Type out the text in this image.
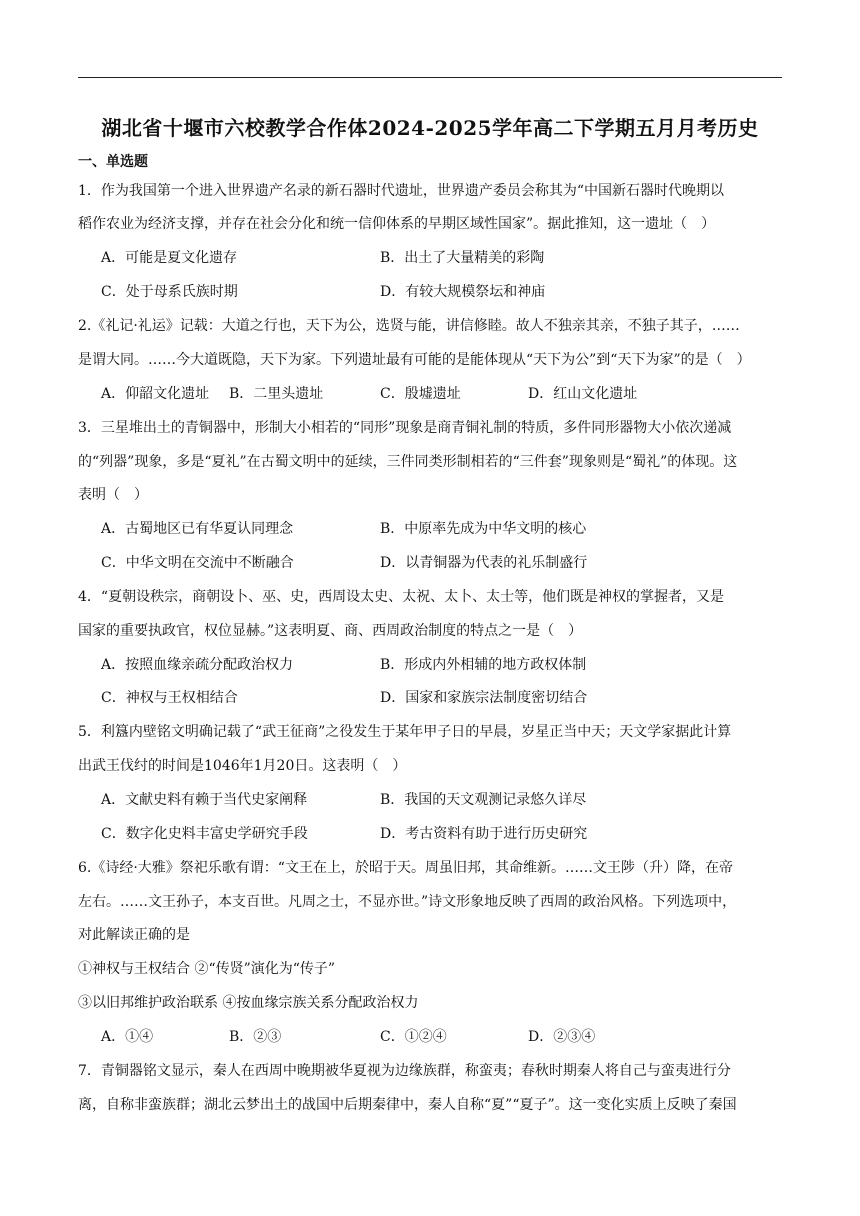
湖北省十堰市六校教学合作体2024-2025学年高二下学期五月月考历史
一、单选题
1．作为我国第一个进入世界遗产名录的新石器时代遗址，世界遗产委员会称其为“中国新石器时代晚期以
稻作农业为经济支撑，并存在社会分化和统一信仰体系的早期区域性国家”。据此推知，这一遗址（　）
A．可能是夏文化遗存	B．出土了大量精美的彩陶
C．处于母系氏族时期	D．有较大规模祭坛和神庙
2.《礼记·礼运》记载：大道之行也，天下为公，选贤与能，讲信修睦。故人不独亲其亲，不独子其子，……
是谓大同。……今大道既隐，天下为家。下列遗址最有可能的是能体现从“天下为公”到“天下为家”的是（　）
A．仰韶文化遗址 B．二里头遗址	C．殷墟遗址	D．红山文化遗址
3．三星堆出土的青铜器中，形制大小相若的“同形”现象是商青铜礼制的特质，多件同形器物大小依次递减
的“列器”现象，多是“夏礼”在古蜀文明中的延续，三件同类形制相若的“三件套”现象则是“蜀礼”的体现。这
表明（　）
A．古蜀地区已有华夏认同理念	B．中原率先成为中华文明的核心
C．中华文明在交流中不断融合	D．以青铜器为代表的礼乐制盛行
4．“夏朝设秩宗，商朝设卜、巫、史，西周设太史、太祝、太卜、太士等，他们既是神权的掌握者，又是
国家的重要执政官，权位显赫。”这表明夏、商、西周政治制度的特点之一是（　）
A．按照血缘亲疏分配政治权力	B．形成内外相辅的地方政权体制
C．神权与王权相结合	D．国家和家族宗法制度密切结合
5．利簋内壁铭文明确记载了“武王征商”之役发生于某年甲子日的早晨，岁星正当中天；天文学家据此计算
出武王伐纣的时间是1046年1月20日。这表明（　）
A．文献史料有赖于当代史家阐释	B．我国的天文观测记录悠久详尽
C．数字化史料丰富史学研究手段	D．考古资料有助于进行历史研究
6.《诗经·大雅》祭祀乐歌有谓：“文王在上，於昭于天。周虽旧邦，其命维新。……文王陟（升）降，在帝
左右。……文王孙子，本支百世。凡周之士，不显亦世。”诗文形象地反映了西周的政治风格。下列选项中，
对此解读正确的是
①神权与王权结合 ②“传贤”演化为“传子”
③以旧邦维护政治联系 ④按血缘宗族关系分配政治权力
A．①④	B．②③	C．①②④	D．②③④
7．青铜器铭文显示，秦人在西周中晚期被华夏视为边缘族群，称蛮夷；春秋时期秦人将自己与蛮夷进行分
离，自称非蛮族群；湖北云梦出土的战国中后期秦律中，秦人自称“夏”“夏子”。这一变化实质上反映了秦国
